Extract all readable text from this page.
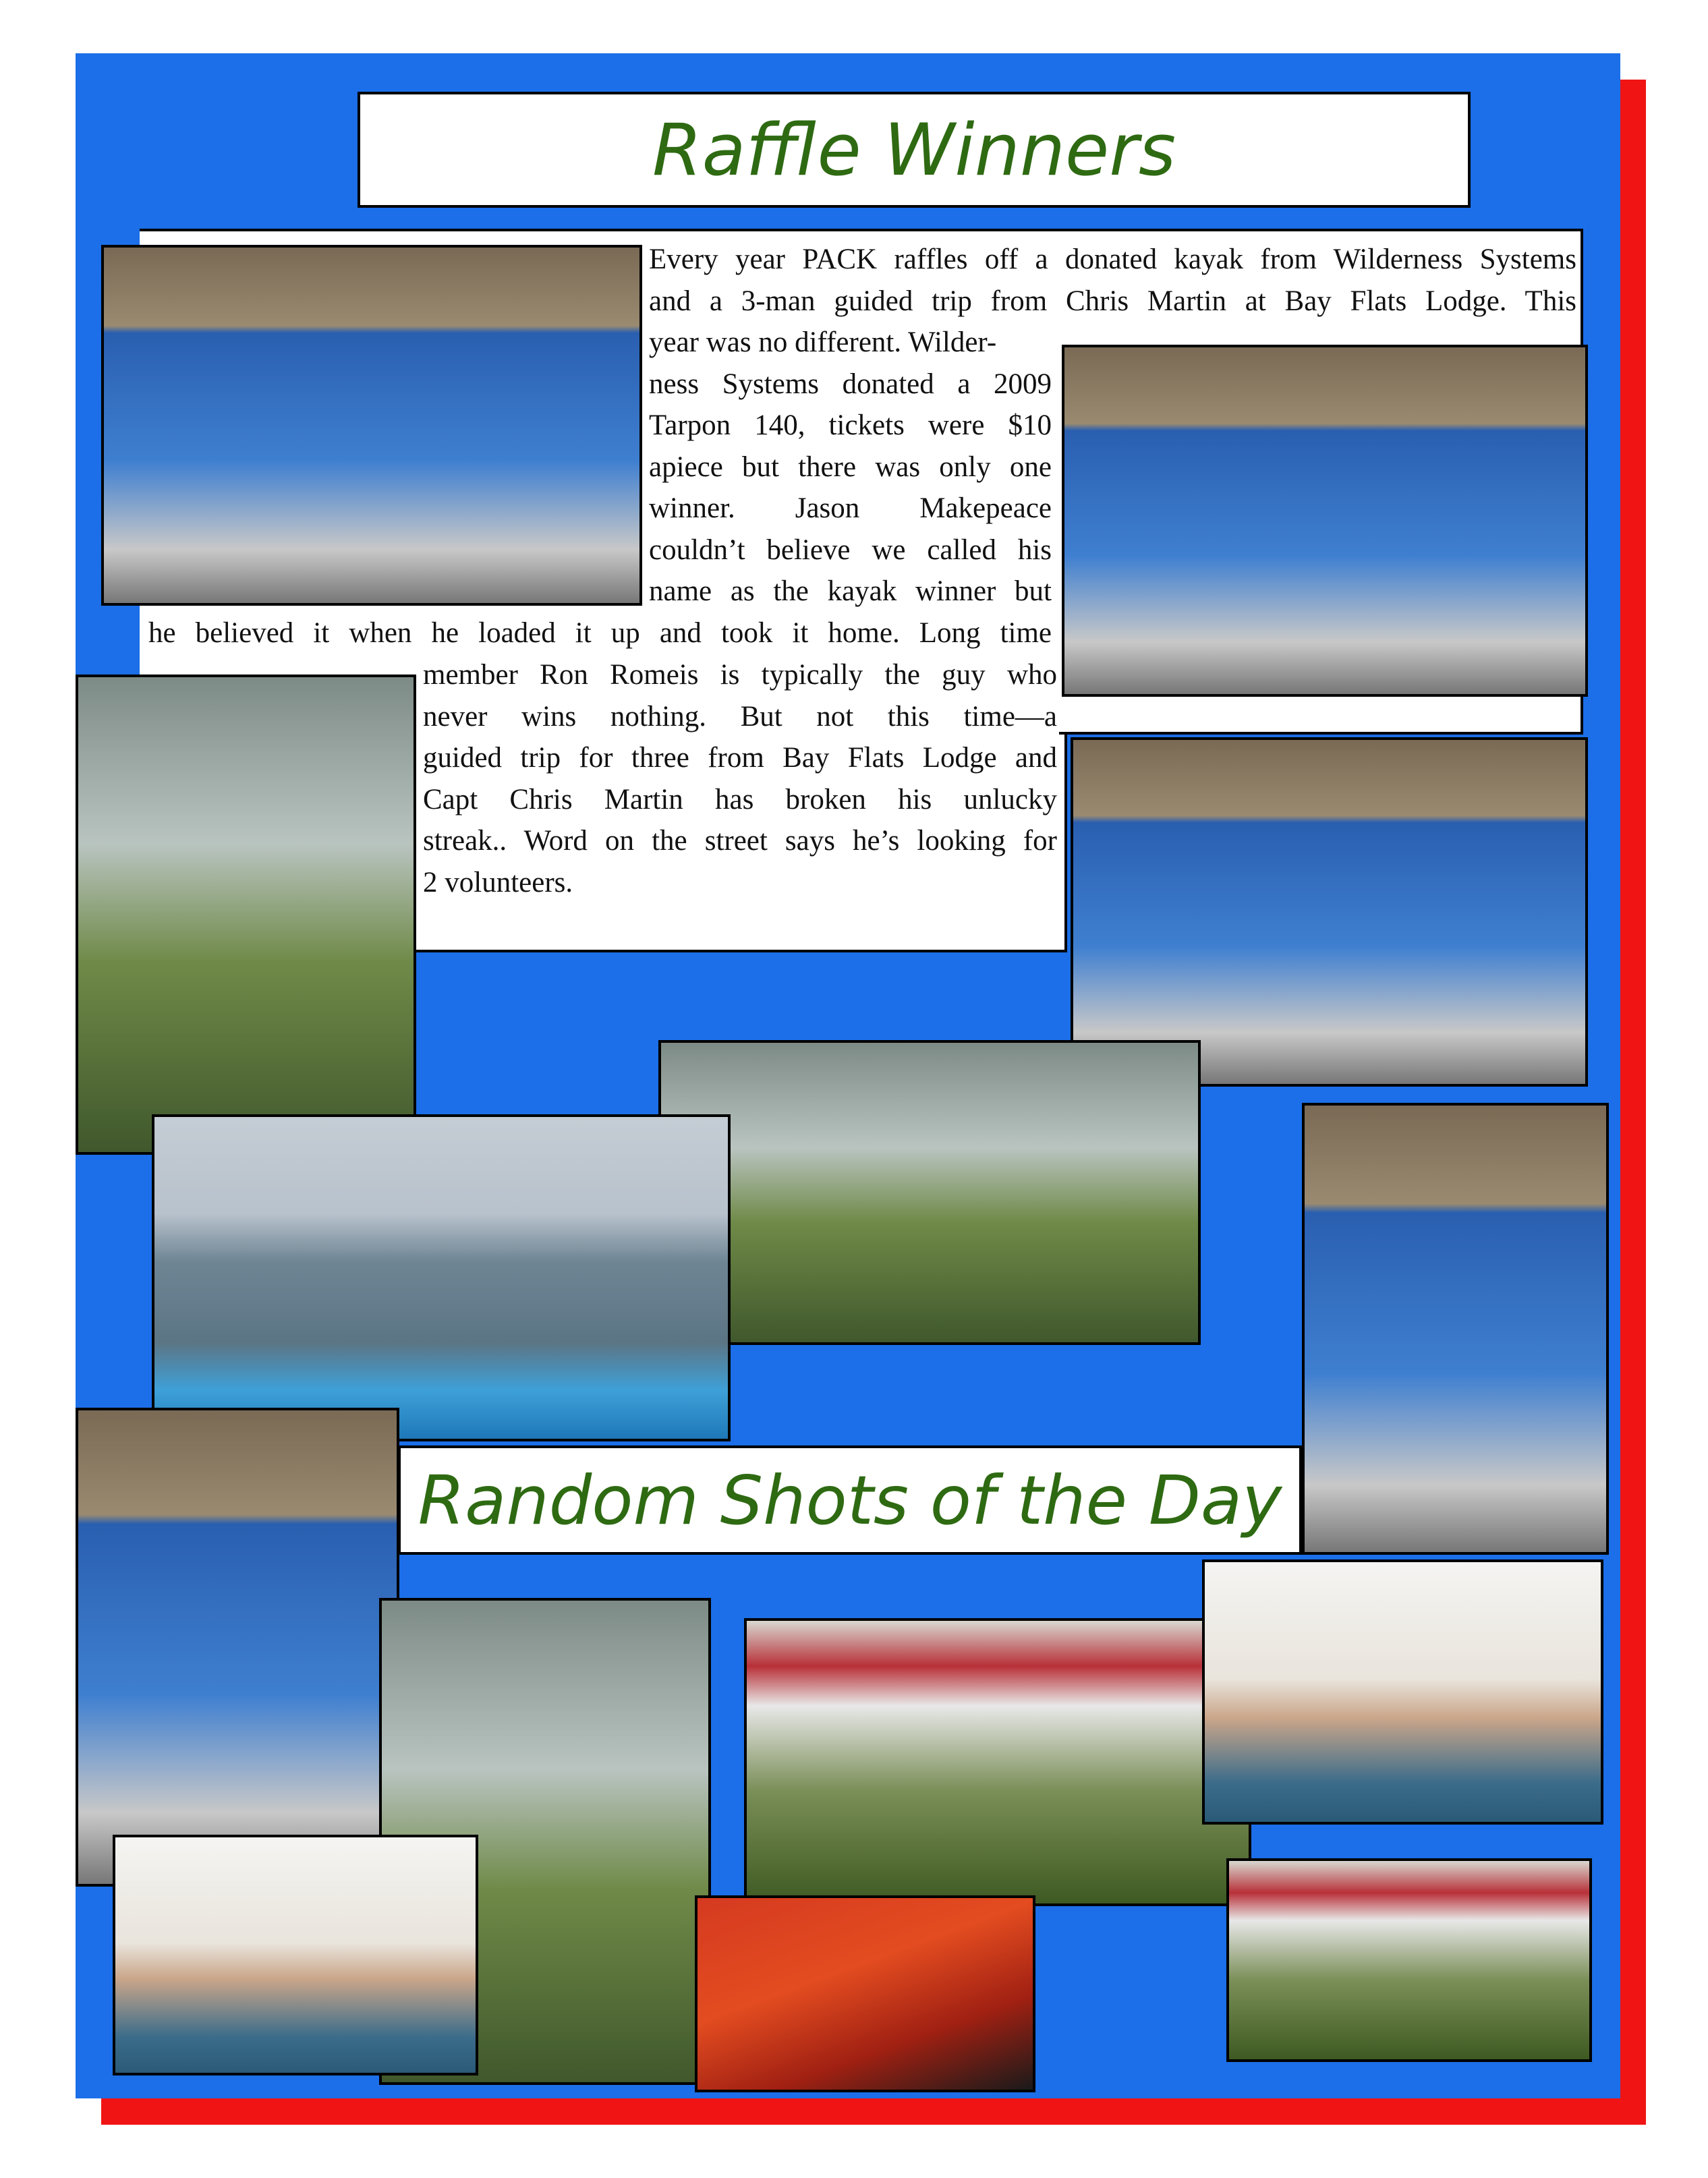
Raffle Winners

Every year PACK raffles off a donated kayak from Wilderness Systems

and a 3-man guided trip from Chris Martin at Bay Flats Lodge. This

year was no different. Wilder-

ness Systems donated a 2009

Tarpon 140, tickets were $10

apiece but there was only one

winner. Jason Makepeace

couldn’t believe we called his

name as the kayak winner but

he believed it when he loaded it up and took it home. Long time

member Ron Romeis is typically the guy who

never wins nothing. But not this time—a

guided trip for three from Bay Flats Lodge and

Capt Chris Martin has broken his unlucky

streak.. Word on the street says he’s looking for

2 volunteers.

Random Shots of the Day
